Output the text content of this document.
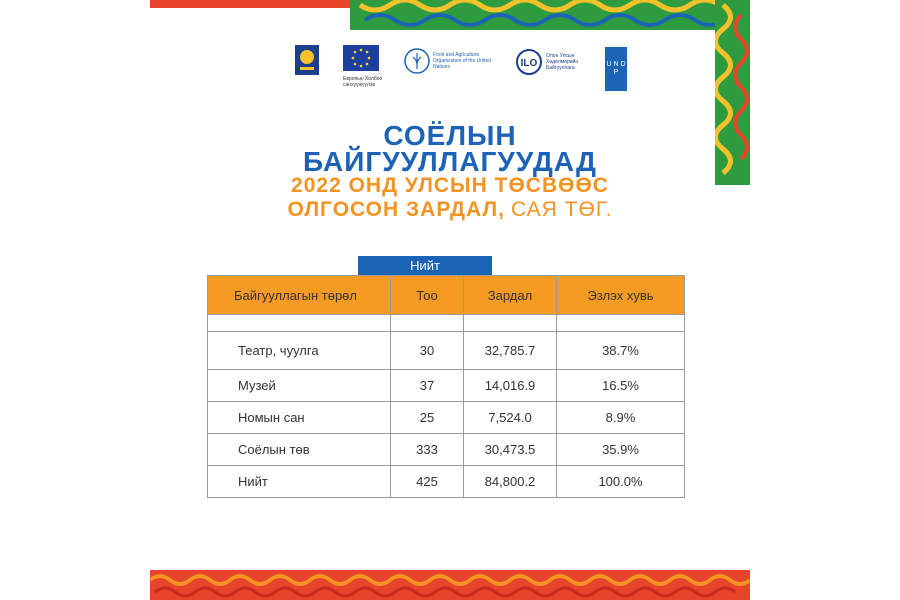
Европын Холбоо санхүүжүүлэв
Food and Agriculture Organization of the United Nations	ILO
Олон Улсын Хөдөлмөрийн Байгууллага	U N D P
СОЁЛЫН
БАЙГУУЛЛАГУУДАД
2022 ОНД УЛСЫН ТӨСВӨӨС
ОЛГОСОН ЗАРДАЛ, САЯ ТӨГ.
Нийт
Байгууллагын төрөл	Тоо	Зардал	Эзлэх хувь

Театр, чуулга	30	32,785.7	38.7%
Музей	37	14,016.9	16.5%
Номын сан	25	7,524.0	8.9%
Соёлын төв	333	30,473.5	35.9%
Нийт	425	84,800.2	100.0%
